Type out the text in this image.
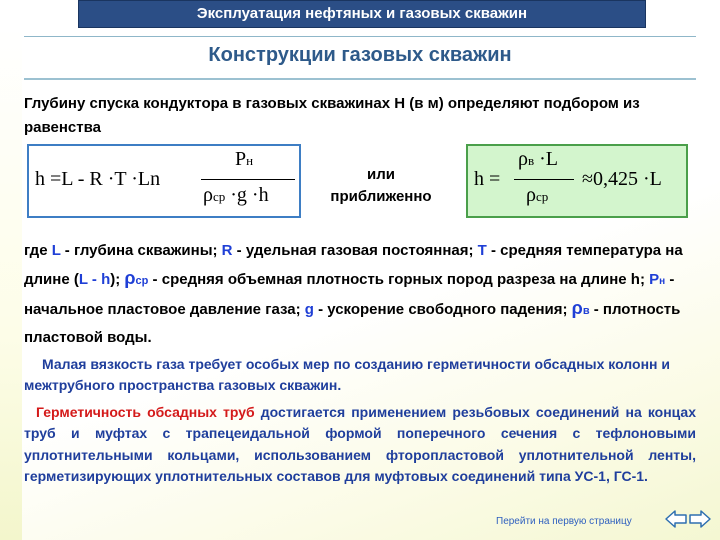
Эксплуатация нефтяных и газовых скважин
Конструкции газовых скважин
Глубину спуска кондуктора в газовых скважинах Н (в м) определяют подбором из равенства
h =L - R ·T ·Ln
Pн
ρср ·g ·h
или
приближенно
h =
ρв ·L
ρср
≈0,425 ·L
где L - глубина скважины; R - удельная газовая постоянная; T - средняя температура на длине (L - h); ρср - средняя объемная плотность горных пород разреза на длине h; Pн - начальное пластовое давление газа; g - ускорение свободного падения; ρв - плотность пластовой воды.
Малая вязкость газа требует особых мер по созданию герметичности обсадных колонн и межтрубного пространства газовых скважин.
Герметичность обсадных труб достигается применением резьбовых соединений на концах труб и муфтах с трапецеидальной формой поперечного сечения с тефлоновыми уплотнительными кольцами, использованием фторопластовой уплотнительной ленты, герметизирующих уплотнительных составов для муфтовых соединений типа УС-1, ГС-1.
Перейти на первую страницу
